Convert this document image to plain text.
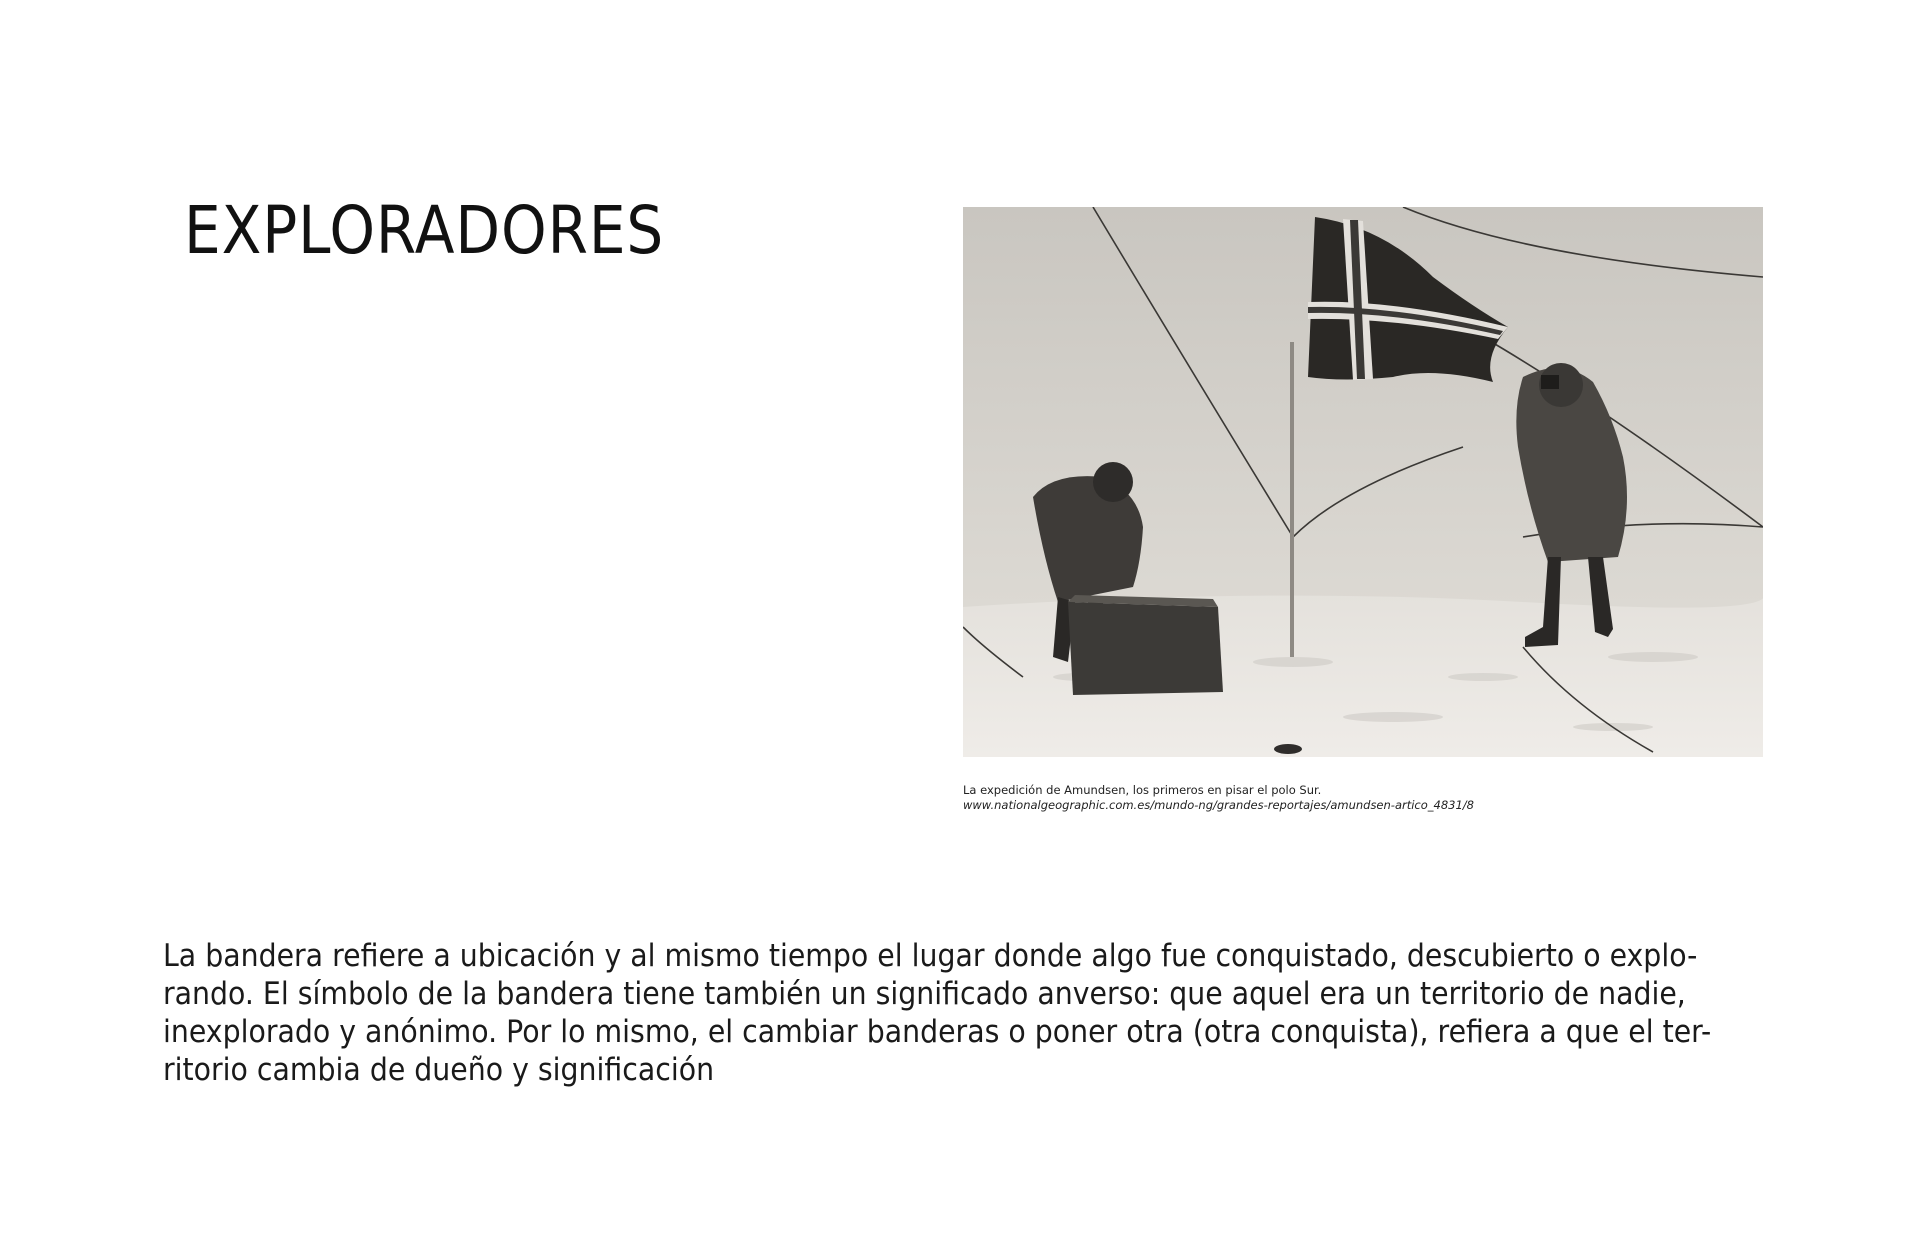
EXPLORADORES
La expedición de Amundsen, los primeros en pisar el polo Sur.
www.nationalgeographic.com.es/mundo-ng/grandes-reportajes/amundsen-artico_4831/8
La bandera refiere a ubicación y al mismo tiempo el lugar donde algo fue conquistado, descubierto o explo-
rando. El símbolo de la bandera tiene también un significado anverso: que aquel era un territorio de nadie,
inexplorado y anónimo. Por lo mismo, el cambiar banderas o poner otra (otra conquista), refiera a que el ter-
ritorio cambia de dueño y significación
